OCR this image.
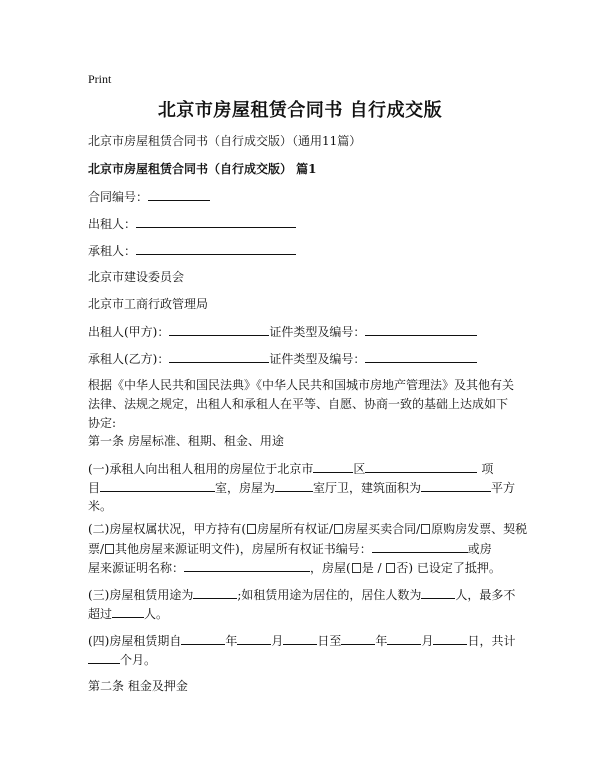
Print
北京市房屋租赁合同书 自行成交版
北京市房屋租赁合同书（自行成交版）（通用11篇）
北京市房屋租赁合同书（自行成交版） 篇1
合同编号：
出租人：
承租人：
北京市建设委员会
北京市工商行政管理局
出租人(甲方)：	证件类型及编号：
承租人(乙方)：	证件类型及编号：
根据《中华人民共和国民法典》《中华人民共和国城市房地产管理法》及其他有关法律、法规之规定，出租人和承租人在平等、自愿、协商一致的基础上达成如下协定:
第一条 房屋标准、租期、租金、用途
(一)承租人向出租人租用的房屋位于北京市	区	项
目	室，房屋为	室厅卫，建筑面积为	平方
米。
(二)房屋权属状况，甲方持有( 房屋所有权证/ 房屋买卖合同/ 原购房发票、契税
票/ 其他房屋来源证明文件)，房屋所有权证书编号：	或房
屋来源证明名称：	，房屋( 是 / 否) 已设定了抵押。
(三)房屋租赁用途为	;如租赁用途为居住的，居住人数为	人，最多不
超过	人。
(四)房屋租赁期自	年	月	日至	年	月	日，共计
个月。
第二条 租金及押金
